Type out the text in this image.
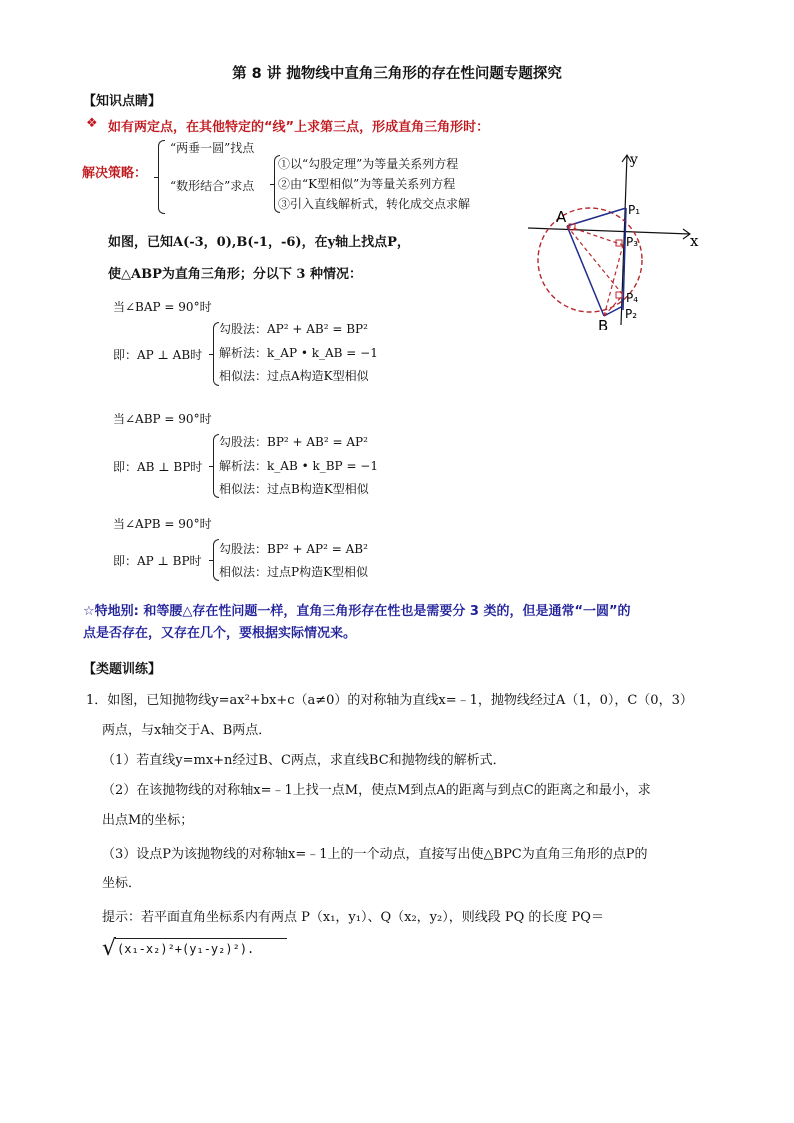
第 8 讲 抛物线中直角三角形的存在性问题专题探究
【知识点睛】
❖ 如有两定点，在其他特定的“线”上求第三点，形成直角三角形时：
解决策略：
“两垂一圆”找点
“数形结合”求点
①以“勾股定理”为等量关系列方程
②由“K型相似”为等量关系列方程
③引入直线解析式，转化成交点求解
如图，已知A(-3，0),B(-1，-6)，在y轴上找点P，
使△ABP为直角三角形；分以下 3 种情况：
当∠BAP = 90°时
即：AP ⊥ AB时
勾股法：AP² + AB² = BP²
解析法：k_AP • k_AB = −1
相似法：过点A构造K型相似
当∠ABP = 90°时
即：AB ⊥ BP时
勾股法：BP² + AB² = AP²
解析法：k_AB • k_BP = −1
相似法：过点B构造K型相似
当∠APB = 90°时
即：AP ⊥ BP时
勾股法：BP² + AP² = AB²
相似法：过点P构造K型相似
☆特地别: 和等腰△存在性问题一样，直角三角形存在性也是需要分 3 类的，但是通常“一圆”的
点是否存在，又存在几个，要根据实际情况来。
【类题训练】
1．如图，已知抛物线y=ax²+bx+c（a≠0）的对称轴为直线x=﹣1，抛物线经过A（1，0），C（0，3）
两点，与x轴交于A、B两点．
（1）若直线y=mx+n经过B、C两点，求直线BC和抛物线的解析式．
（2）在该抛物线的对称轴x=﹣1上找一点M，使点M到点A的距离与到点C的距离之和最小，求
出点M的坐标；
（3）设点P为该抛物线的对称轴x=﹣1上的一个动点，直接写出使△BPC为直角三角形的点P的
坐标．
提示：若平面直角坐标系内有两点 P（x₁，y₁）、Q（x₂，y₂），则线段 PQ 的长度 PQ＝
√ (x₁-x₂)²+(y₁-y₂)²).
y
x
A
B
P₁
P₂
P₃
P₄
